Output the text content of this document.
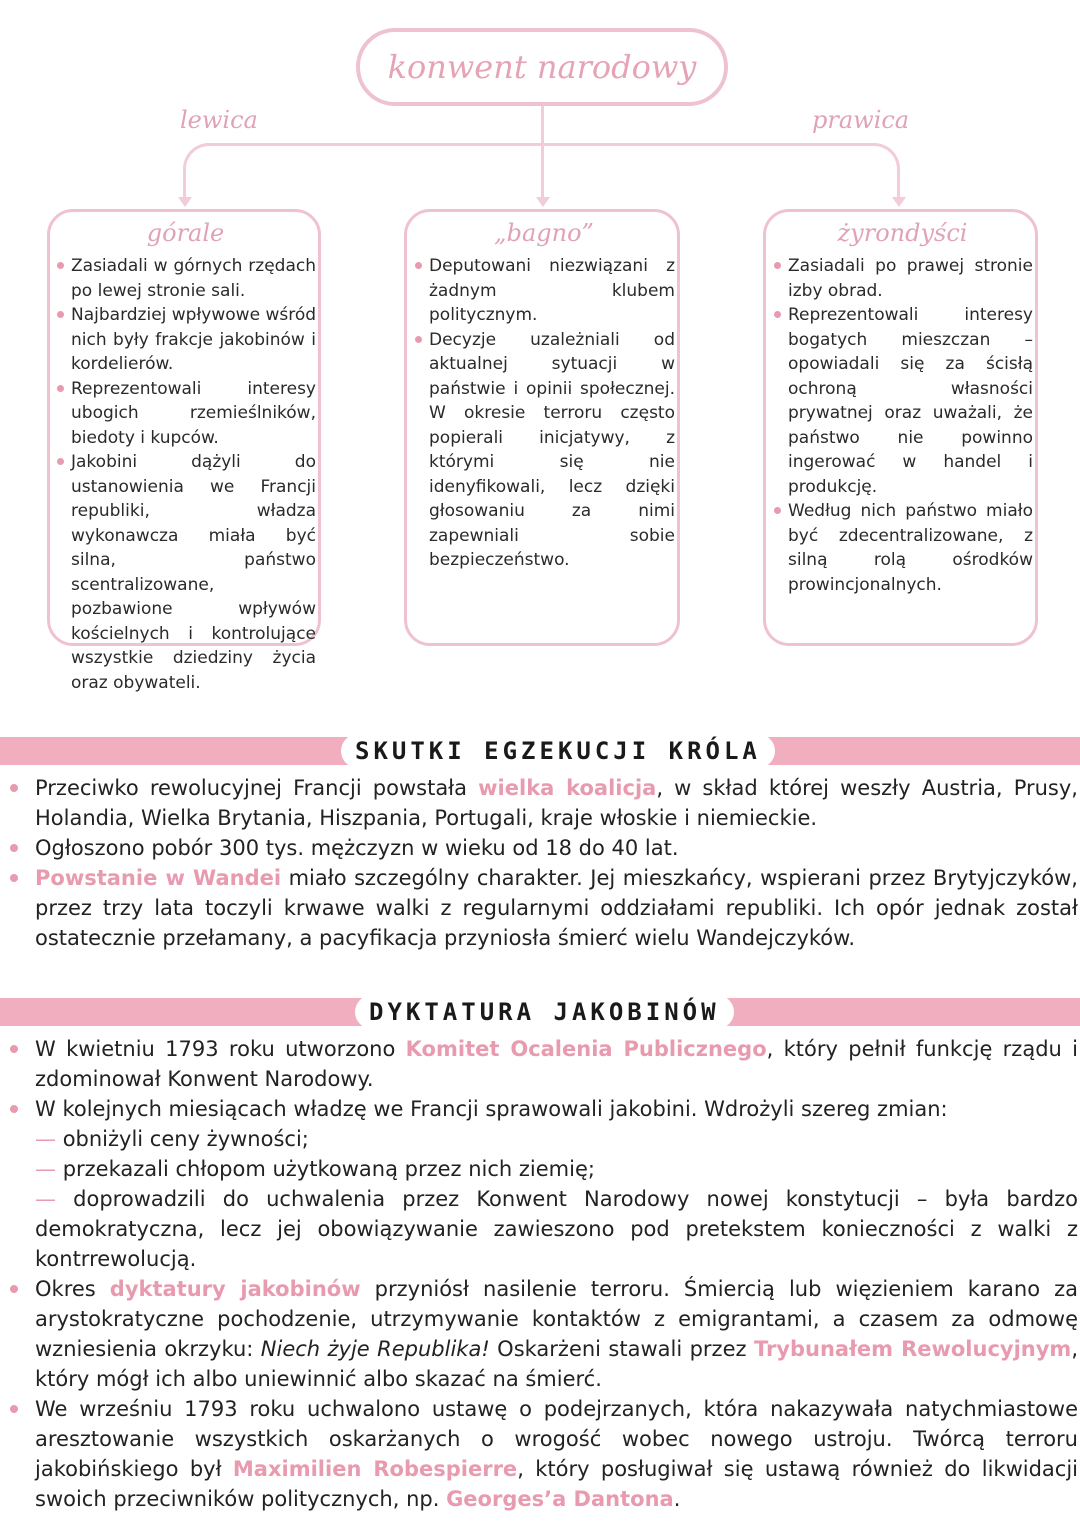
konwent narodowy
lewica	prawica
górale
Zasiadali w górnych rzędach po lewej stronie sali.
Najbardziej wpływowe wśród nich były frakcje jakobinów i kordelierów.
Reprezentowali interesy ubogich rzemieślników, biedoty i kupców.
Jakobini dążyli do ustanowienia we Francji republiki, władza wykonawcza miała być silna, państwo scentralizowane, pozbawione wpływów kościelnych i kontrolujące wszystkie dziedziny życia oraz obywateli.
„bagno”
Deputowani niezwiązani z żadnym klubem politycznym.
Decyzje uzależniali od aktualnej sytuacji w państwie i opinii społecznej. W okresie terroru często popierali inicjatywy, z którymi się nie idenyfikowali, lecz dzięki głosowaniu za nimi zapewniali sobie bezpieczeństwo.
żyrondyści
Zasiadali po prawej stronie izby obrad.
Reprezentowali interesy bogatych mieszczan – opowiadali się za ścisłą ochroną własności prywatnej oraz uważali, że państwo nie powinno ingerować w handel i produkcję.
Według nich państwo miało być zdecentralizowane, z silną rolą ośrodków prowincjonalnych.
SKUTKI EGZEKUCJI KRÓLA

Przeciwko rewolucyjnej Francji powstała wielka koalicja, w skład której weszły Austria, Prusy, Holandia, Wielka Brytania, Hiszpania, Portugali, kraje włoskie i niemieckie.

Ogłoszono pobór 300 tys. mężczyzn w wieku od 18 do 40 lat.

Powstanie w Wandei miało szczególny charakter. Jej mieszkańcy, wspierani przez Brytyjczyków, przez trzy lata toczyli krwawe walki z regularnymi oddziałami republiki. Ich opór jednak został ostatecznie przełamany, a pacyfikacja przyniosła śmierć wielu Wandejczyków.

DYKTATURA JAKOBINÓW

W kwietniu 1793 roku utworzono Komitet Ocalenia Publicznego, który pełnił funkcję rządu i zdominował Konwent Narodowy.

W kolejnych miesiącach władzę we Francji sprawowali jakobini. Wdrożyli szereg zmian:

— obniżyli ceny żywności;

— przekazali chłopom użytkowaną przez nich ziemię;

— doprowadzili do uchwalenia przez Konwent Narodowy nowej konstytucji – była bardzo demokratyczna, lecz jej obowiązywanie zawieszono pod pretekstem konieczności z walki z kontrrewolucją.

Okres dyktatury jakobinów przyniósł nasilenie terroru. Śmiercią lub więzieniem karano za arystokratyczne pochodzenie, utrzymywanie kontaktów z emigrantami, a czasem za odmowę wzniesienia okrzyku: Niech żyje Republika! Oskarżeni stawali przez Trybunałem Rewolucyjnym, który mógł ich albo uniewinnić albo skazać na śmierć.

We wrześniu 1793 roku uchwalono ustawę o podejrzanych, która nakazywała natychmiastowe aresztowanie wszystkich oskarżanych o wrogość wobec nowego ustroju. Twórcą terroru jakobińskiego był Maximilien Robespierre, który posługiwał się ustawą również do likwidacji swoich przeciwników politycznych, np. Georges’a Dantona.
